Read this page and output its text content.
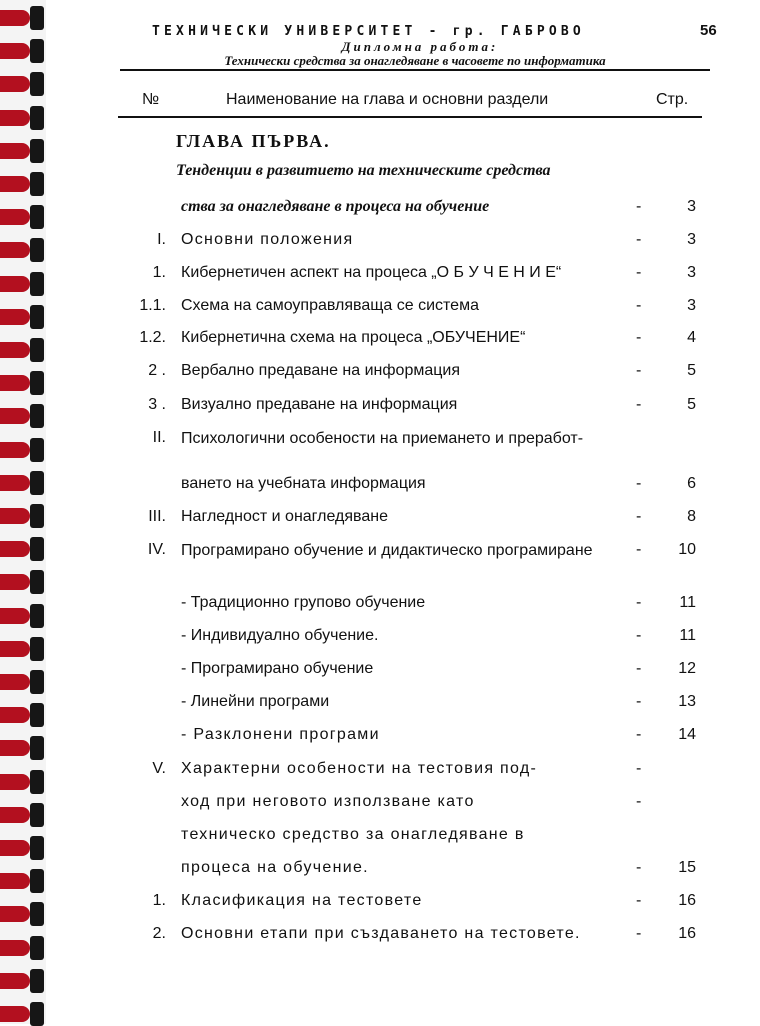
ТЕХНИЧЕСКИ УНИВЕРСИТЕТ - гр. ГАБРОВО	56
Дипломна работа:
Технически средства за онагледяване в часовете по информатика
№	Наименование на глава и основни раздели	Стр.
ГЛАВА ПЪРВА.
Тенденции в развитието на техническите средства
ства за онагледяване в процеса на обучение	-	3
I. Основни положения	-	3
1. Кибернетичен аспект на процеса „О Б У Ч Е Н И Е“	-	3
1.1. Схема на самоуправляваща се система	-	3
1.2. Кибернетична схема на процеса „ОБУЧЕНИЕ“	-	4
2 . Вербално предаване на информация	-	5
3 . Визуално предаване на информация	-	5
II. Психологични особености на приемането и преработ-
ването на учебната информация	-	6
III. Нагледност и онагледяване	-	8
IV. Програмирано обучение и дидактическо програмиране	- 10
- Традиционно групово обучение	- 11
- Индивидуално обучение.	- 11
- Програмирано обучение	- 12
- Линейни програми	- 13
- Разклонени програми	- 14
V. Характерни особености на тестовия под-	-
ход при неговото използване като	-
техническо средство за онагледяване в
процеса на обучение.	- 15
1. Класификация на тестовете	- 16
2. Основни етапи при създаването на тестовете.	- 16
